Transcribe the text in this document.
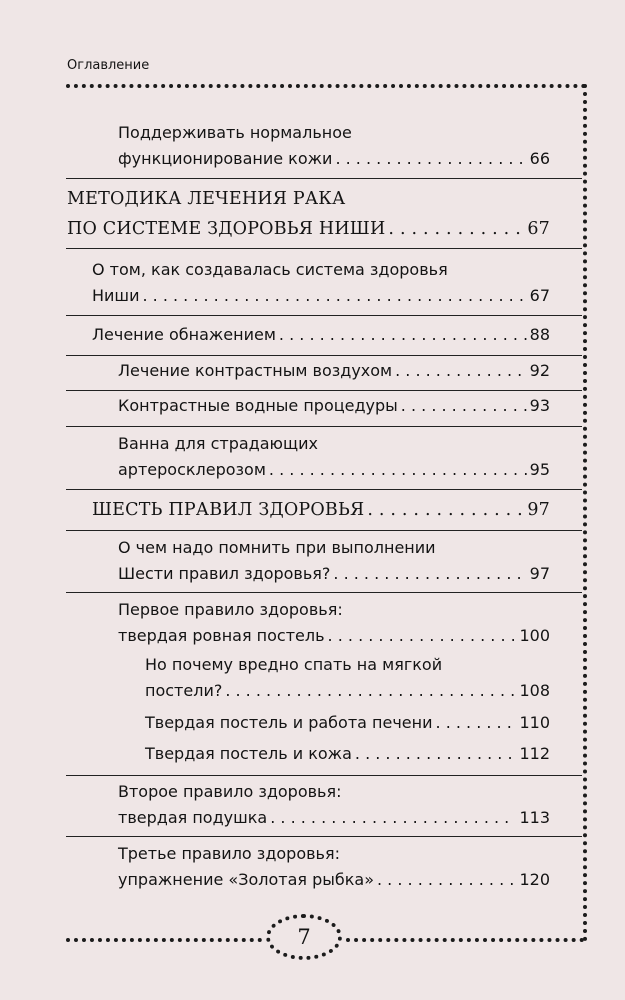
Оглавление
7
Поддерживать нормальное
функционирование кожи . . .	66
МЕТОДИКА ЛЕЧЕНИЯ РАКА
ПО СИСТЕМЕ ЗДОРОВЬЯ НИШИ . . .	67
О том, как создавалась система здоровья
Ниши . . .	67
Лечение обнажением . . .	88
Лечение контрастным воздухом . . .	92
Контрастные водные процедуры . . .	93
Ванна для страдающих
артеросклерозом . . .	95
ШЕСТЬ ПРАВИЛ ЗДОРОВЬЯ . . .	97
О чем надо помнить при выполнении
Шести правил здоровья? . . .	97
Первое правило здоровья:
твердая ровная постель . . .	100
Но почему вредно спать на мягкой
постели? . . .	108
Твердая постель и работа печени . . .	110
Твердая постель и кожа . . .	112
Второе правило здоровья:
твердая подушка . . .	113
Третье правило здоровья:
упражнение «Золотая рыбка» . . .	120
